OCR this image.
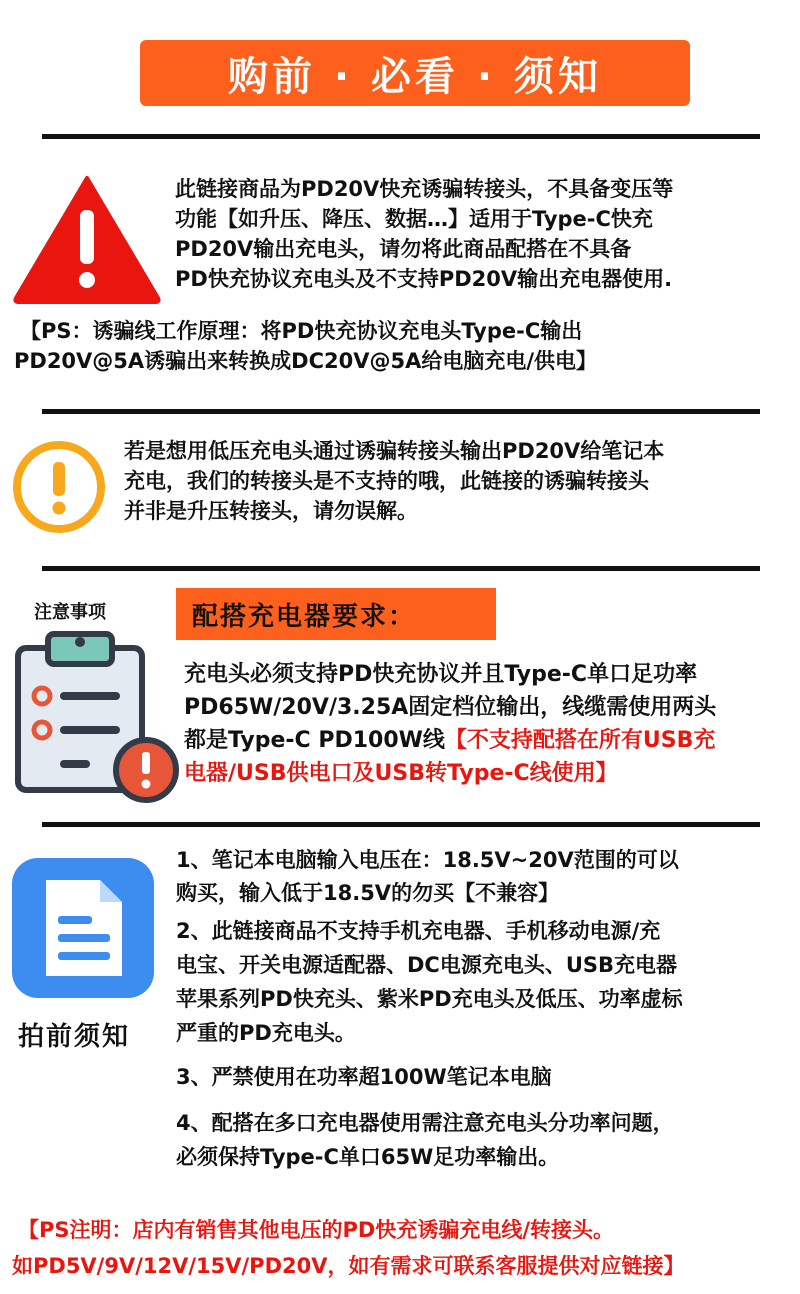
购前 · 必看 · 须知

此链接商品为PD20V快充诱骗转接头，不具备变压等

功能【如升压、降压、数据…】适用于Type-C快充

PD20V输出充电头，请勿将此商品配搭在不具备

PD快充协议充电头及不支持PD20V输出充电器使用.

【PS：诱骗线工作原理：将PD快充协议充电头Type-C输出

PD20V@5A诱骗出来转换成DC20V@5A给电脑充电/供电】

若是想用低压充电头通过诱骗转接头输出PD20V给笔记本

充电，我们的转接头是不支持的哦，此链接的诱骗转接头

并非是升压转接头，请勿误解。

注意事项	配搭充电器要求：

充电头必须支持PD快充协议并且Type-C单口足功率

PD65W/20V/3.25A固定档位输出，线缆需使用两头

都是Type-C PD100W线【不支持配搭在所有USB充

电器/USB供电口及USB转Type-C线使用】

拍前须知

1、笔记本电脑输入电压在：18.5V~20V范围的可以

购买，输入低于18.5V的勿买【不兼容】

2、此链接商品不支持手机充电器、手机移动电源/充

电宝、开关电源适配器、DC电源充电头、USB充电器

苹果系列PD快充头、紫米PD充电头及低压、功率虚标

严重的PD充电头。

3、严禁使用在功率超100W笔记本电脑

4、配搭在多口充电器使用需注意充电头分功率问题，

必须保持Type-C单口65W足功率输出。

【PS注明：店内有销售其他电压的PD快充诱骗充电线/转接头。

如PD5V/9V/12V/15V/PD20V，如有需求可联系客服提供对应链接】
